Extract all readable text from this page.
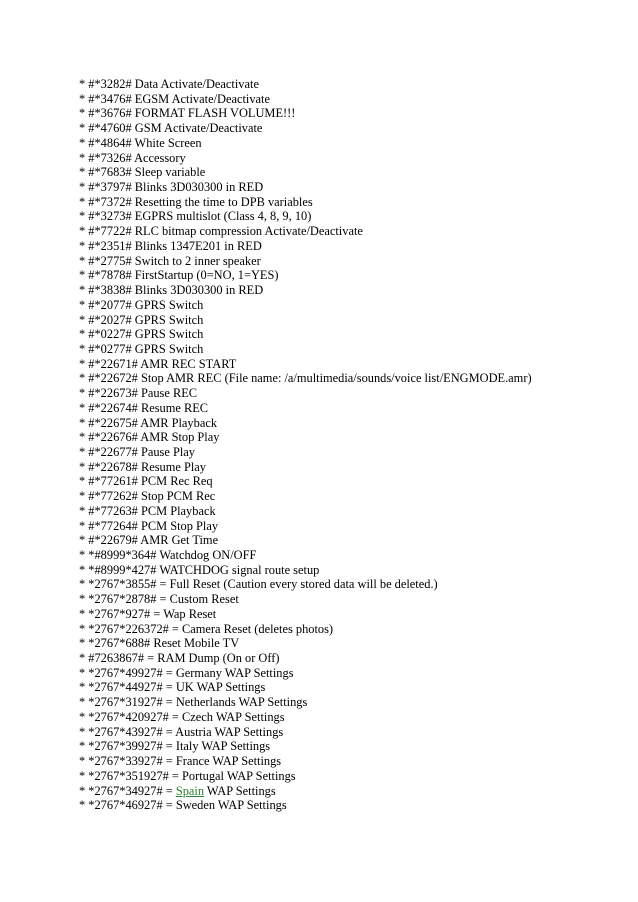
* #*3282# Data Activate/Deactivate
* #*3476# EGSM Activate/Deactivate
* #*3676# FORMAT FLASH VOLUME!!!
* #*4760# GSM Activate/Deactivate
* #*4864# White Screen
* #*7326# Accessory
* #*7683# Sleep variable
* #*3797# Blinks 3D030300 in RED
* #*7372# Resetting the time to DPB variables
* #*3273# EGPRS multislot (Class 4, 8, 9, 10)
* #*7722# RLC bitmap compression Activate/Deactivate
* #*2351# Blinks 1347E201 in RED
* #*2775# Switch to 2 inner speaker
* #*7878# FirstStartup (0=NO, 1=YES)
* #*3838# Blinks 3D030300 in RED
* #*2077# GPRS Switch
* #*2027# GPRS Switch
* #*0227# GPRS Switch
* #*0277# GPRS Switch
* #*22671# AMR REC START
* #*22672# Stop AMR REC (File name: /a/multimedia/sounds/voice list/ENGMODE.amr)
* #*22673# Pause REC
* #*22674# Resume REC
* #*22675# AMR Playback
* #*22676# AMR Stop Play
* #*22677# Pause Play
* #*22678# Resume Play
* #*77261# PCM Rec Req
* #*77262# Stop PCM Rec
* #*77263# PCM Playback
* #*77264# PCM Stop Play
* #*22679# AMR Get Time
* *#8999*364# Watchdog ON/OFF
* *#8999*427# WATCHDOG signal route setup
* *2767*3855# = Full Reset (Caution every stored data will be deleted.)
* *2767*2878# = Custom Reset
* *2767*927# = Wap Reset
* *2767*226372# = Camera Reset (deletes photos)
* *2767*688# Reset Mobile TV
* #7263867# = RAM Dump (On or Off)
* *2767*49927# = Germany WAP Settings
* *2767*44927# = UK WAP Settings
* *2767*31927# = Netherlands WAP Settings
* *2767*420927# = Czech WAP Settings
* *2767*43927# = Austria WAP Settings
* *2767*39927# = Italy WAP Settings
* *2767*33927# = France WAP Settings
* *2767*351927# = Portugal WAP Settings
* *2767*34927# = Spain WAP Settings
* *2767*46927# = Sweden WAP Settings
